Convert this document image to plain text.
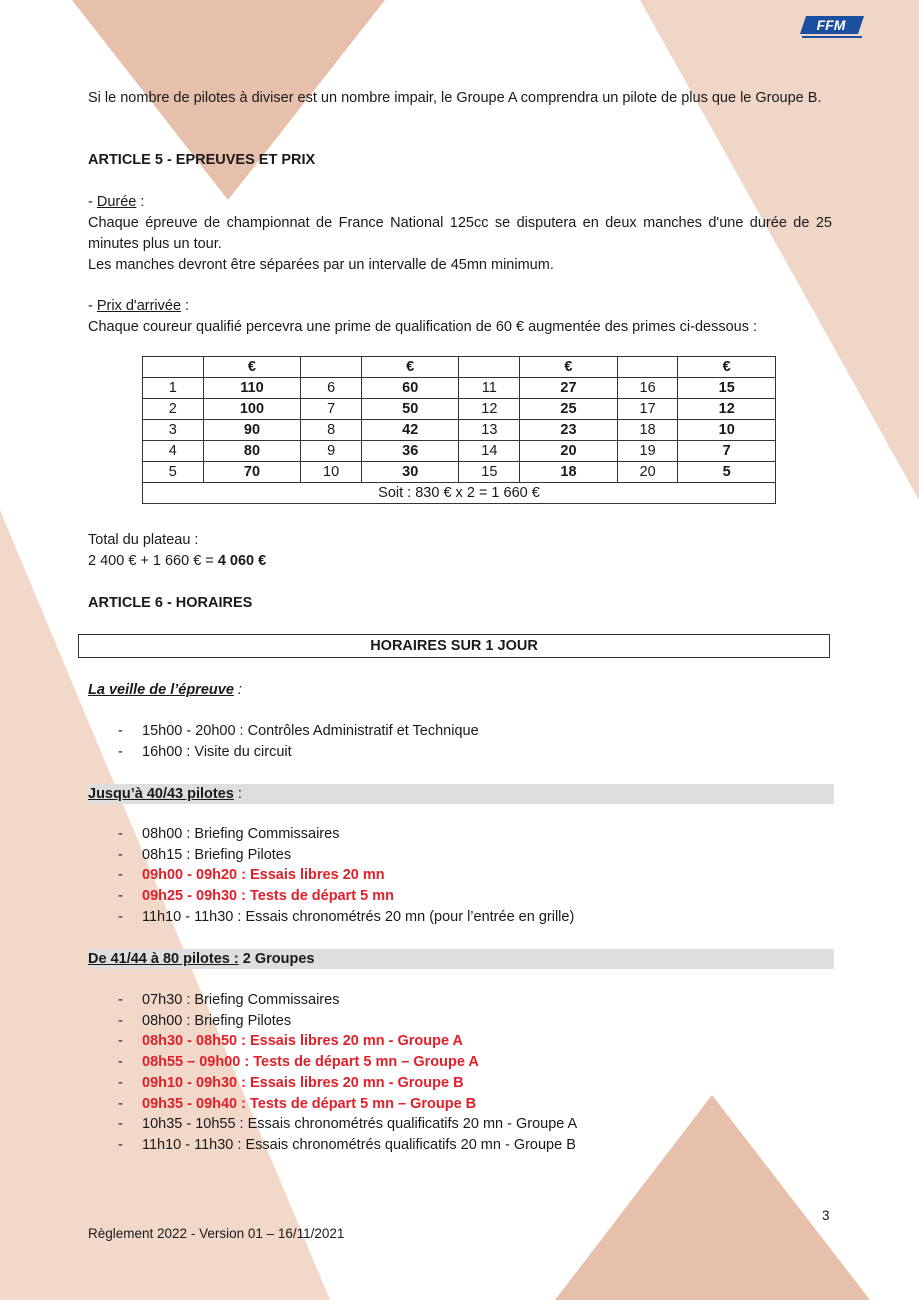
FFM

Si le nombre de pilotes à diviser est un nombre impair, le Groupe A comprendra un pilote de plus que le Groupe B.

ARTICLE 5 - EPREUVES ET PRIX

- Durée :

Chaque épreuve de championnat de France National 125cc se disputera en deux manches d'une durée de 25 minutes plus un tour.

Les manches devront être séparées par un intervalle de 45mn minimum.

- Prix d'arrivée :

Chaque coureur qualifié percevra une prime de qualification de 60 € augmentée des primes ci-dessous :

	€		€		€		€
1	110	6	60	11	27	16	15
2	100	7	50	12	25	17	12
3	90	8	42	13	23	18	10
4	80	9	36	14	20	19	7
5	70	10	30	15	18	20	5
Soit : 830 € x 2 = 1 660 €							

Total du plateau :

2 400 € + 1 660 € = 4 060 €

ARTICLE 6 - HORAIRES

HORAIRES SUR 1 JOUR

La veille de l’épreuve :

- 15h00 - 20h00 : Contrôles Administratif et Technique
- 16h00 : Visite du circuit
Jusqu’à 40/43 pilotes :
- 08h00 : Briefing Commissaires
- 08h15 : Briefing Pilotes
- 09h00 - 09h20 : Essais libres 20 mn
- 09h25 - 09h30 : Tests de départ 5 mn
- 11h10 - 11h30 : Essais chronométrés 20 mn (pour l’entrée en grille)
De 41/44 à 80 pilotes : 2 Groupes
- 07h30 : Briefing Commissaires
- 08h00 : Briefing Pilotes
- 08h30 - 08h50 : Essais libres 20 mn - Groupe A
- 08h55 – 09h00 : Tests de départ 5 mn – Groupe A
- 09h10 - 09h30 : Essais libres 20 mn - Groupe B
- 09h35 - 09h40 : Tests de départ 5 mn – Groupe B
- 10h35 - 10h55 : Essais chronométrés qualificatifs 20 mn - Groupe A
- 11h10 - 11h30 : Essais chronométrés qualificatifs 20 mn - Groupe B
3
Règlement 2022 - Version 01 – 16/11/2021
